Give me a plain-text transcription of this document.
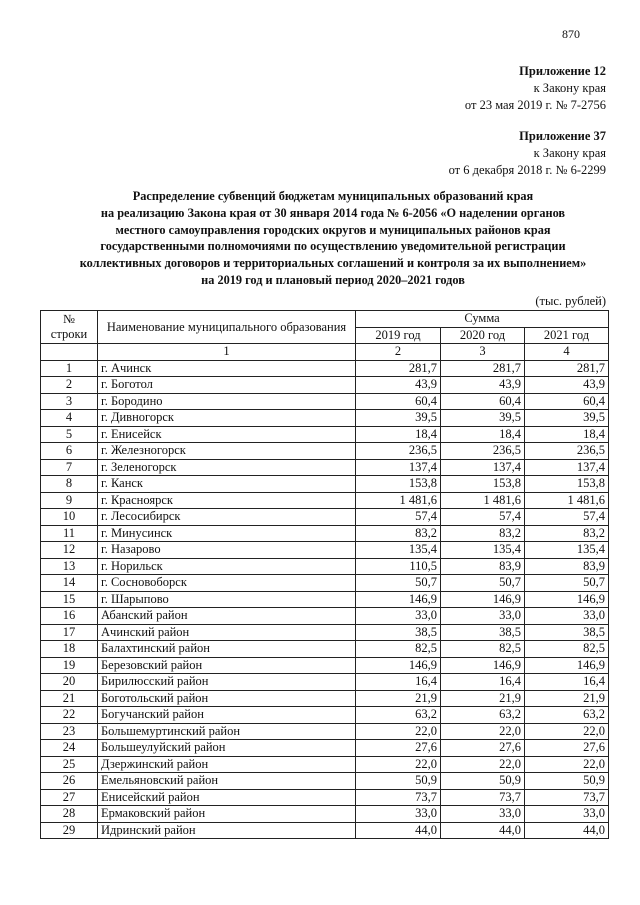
870
Приложение 12
к Закону края
от 23 мая 2019 г. № 7-2756
Приложение 37
к Закону края
от 6 декабря 2018 г. № 6-2299
Распределение субвенций бюджетам муниципальных образований края
на реализацию Закона края от 30 января 2014 года № 6-2056 «О наделении органов
местного самоуправления городских округов и муниципальных районов края
государственными полномочиями по осуществлению уведомительной регистрации
коллективных договоров и территориальных соглашений и контроля за их выполнением»
на 2019 год и плановый период 2020–2021 годов
(тыс. рублей)
№ строки	Наименование муниципального образования	Сумма		
		2019 год	2020 год	2021 год
	1	2	3	4
1	г. Ачинск	281,7	281,7	281,7
2	г. Боготол	43,9	43,9	43,9
3	г. Бородино	60,4	60,4	60,4
4	г. Дивногорск	39,5	39,5	39,5
5	г. Енисейск	18,4	18,4	18,4
6	г. Железногорск	236,5	236,5	236,5
7	г. Зеленогорск	137,4	137,4	137,4
8	г. Канск	153,8	153,8	153,8
9	г. Красноярск	1 481,6	1 481,6	1 481,6
10	г. Лесосибирск	57,4	57,4	57,4
11	г. Минусинск	83,2	83,2	83,2
12	г. Назарово	135,4	135,4	135,4
13	г. Норильск	110,5	83,9	83,9
14	г. Сосновоборск	50,7	50,7	50,7
15	г. Шарыпово	146,9	146,9	146,9
16	Абанский район	33,0	33,0	33,0
17	Ачинский район	38,5	38,5	38,5
18	Балахтинский район	82,5	82,5	82,5
19	Березовский район	146,9	146,9	146,9
20	Бирилюсский район	16,4	16,4	16,4
21	Боготольский район	21,9	21,9	21,9
22	Богучанский район	63,2	63,2	63,2
23	Большемуртинский район	22,0	22,0	22,0
24	Большеулуйский район	27,6	27,6	27,6
25	Дзержинский район	22,0	22,0	22,0
26	Емельяновский район	50,9	50,9	50,9
27	Енисейский район	73,7	73,7	73,7
28	Ермаковский район	33,0	33,0	33,0
29	Идринский район	44,0	44,0	44,0
